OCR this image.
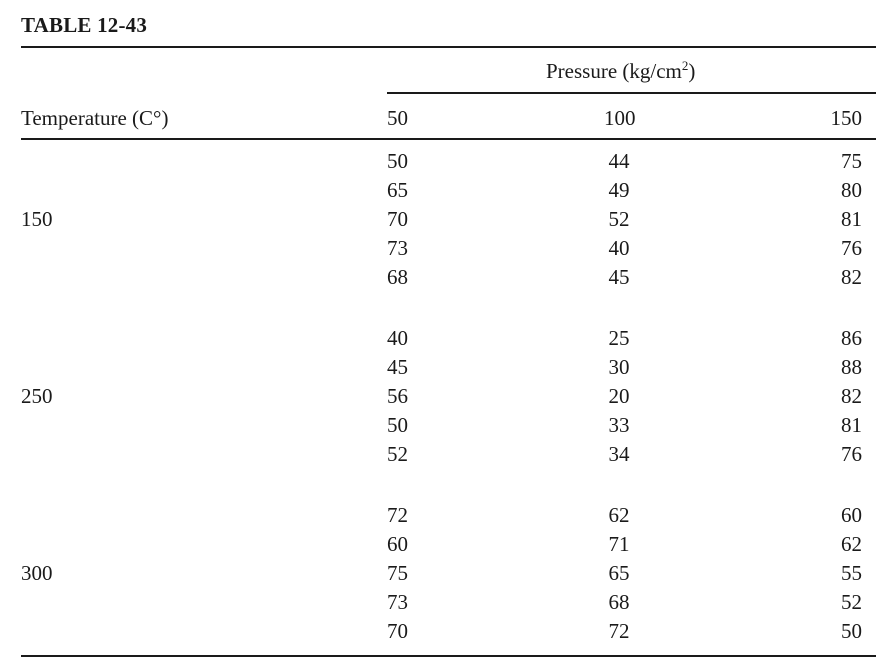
TABLE 12-43
Pressure $(kg/cm^2)$
Temperature (C°)	50	100	150
150
50	44	75
65	49	80
70	52	81
73	40	76
68	45	82
250
40	25	86
45	30	88
56	20	82
50	33	81
52	34	76
300
72	62	60
60	71	62
75	65	55
73	68	52
70	72	50
